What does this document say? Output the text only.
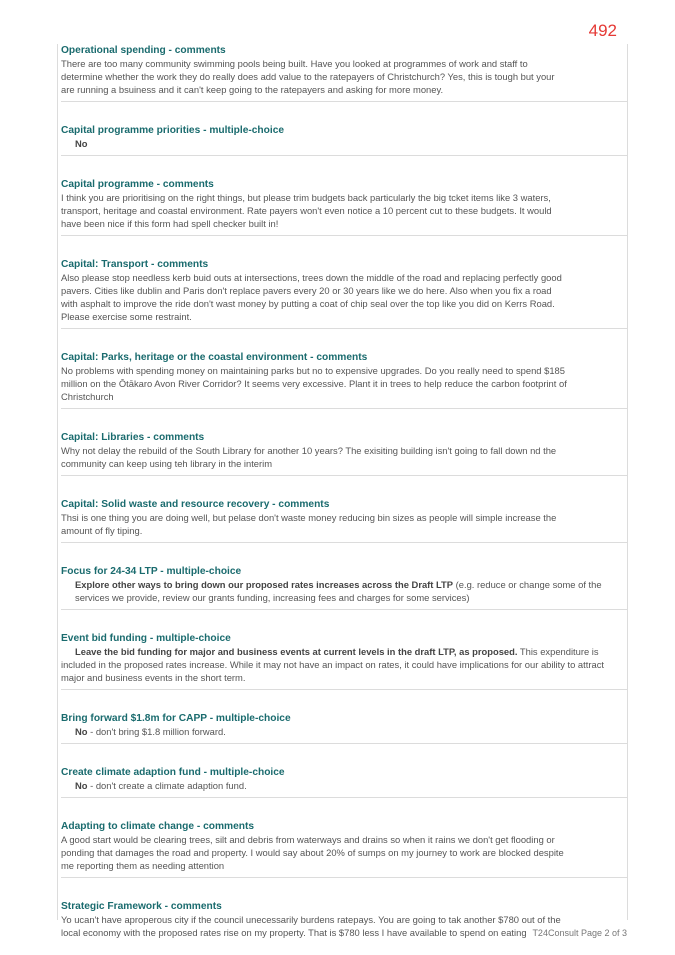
492
Operational spending - comments
There are too many community swimming pools being built. Have you looked at programmes of work and staff to determine whether the work they do really does add value to the ratepayers of Christchurch? Yes, this is tough but your are running a bsuiness and it can't keep going to the ratepayers and asking for more money.
Capital programme priorities - multiple-choice
No
Capital programme - comments
I think you are prioritising on the right things, but please trim budgets back particularly the big tcket items like 3 waters, transport, heritage and coastal environment. Rate payers won't even notice a 10 percent cut to these budgets. It would have been nice if this form had spell checker built in!
Capital: Transport - comments
Also please stop needless kerb buid outs at intersections, trees down the middle of the road and replacing perfectly good pavers. Cities like dublin and Paris don't replace pavers every 20 or 30 years like we do here. Also when you fix a road with asphalt to improve the ride don't wast money by putting a coat of chip seal over the top like you did on Kerrs Road. Please exercise some restraint.
Capital: Parks, heritage or the coastal environment - comments
No problems with spending money on maintaining parks but no to expensive upgrades. Do you really need to spend $185 million on the Ōtākaro Avon River Corridor? It seems very excessive. Plant it in trees to help reduce the carbon footprint of Christchurch
Capital: Libraries - comments
Why not delay the rebuild of the South Library for another 10 years? The exisiting building isn't going to fall down nd the community can keep using teh library in the interim
Capital: Solid waste and resource recovery - comments
Thsi is one thing you are doing well, but pelase don't waste money reducing bin sizes as people will simple increase the amount of fly tiping.
Focus for 24-34 LTP - multiple-choice
Explore other ways to bring down our proposed rates increases across the Draft LTP (e.g. reduce or change some of the services we provide, review our grants funding, increasing fees and charges for some services)
Event bid funding - multiple-choice
Leave the bid funding for major and business events at current levels in the draft LTP, as proposed. This expenditure is included in the proposed rates increase. While it may not have an impact on rates, it could have implications for our ability to attract major and business events in the short term.
Bring forward $1.8m for CAPP - multiple-choice
No - don't bring $1.8 million forward.
Create climate adaption fund - multiple-choice
No - don't create a climate adaption fund.
Adapting to climate change - comments
A good start would be clearing trees, silt and debris from waterways and drains so when it rains we don't get flooding or ponding that damages the road and property. I would say about 20% of sumps on my journey to work are blocked despite me reporting them as needing attention
Strategic Framework - comments
Yo ucan't have aproperous city if the council unecessarily burdens ratepays. You are going to tak another $780 out of the local economy with the proposed rates rise on my property. That is $780 less I have available to spend on eating T24Consult Page 2 of 3
